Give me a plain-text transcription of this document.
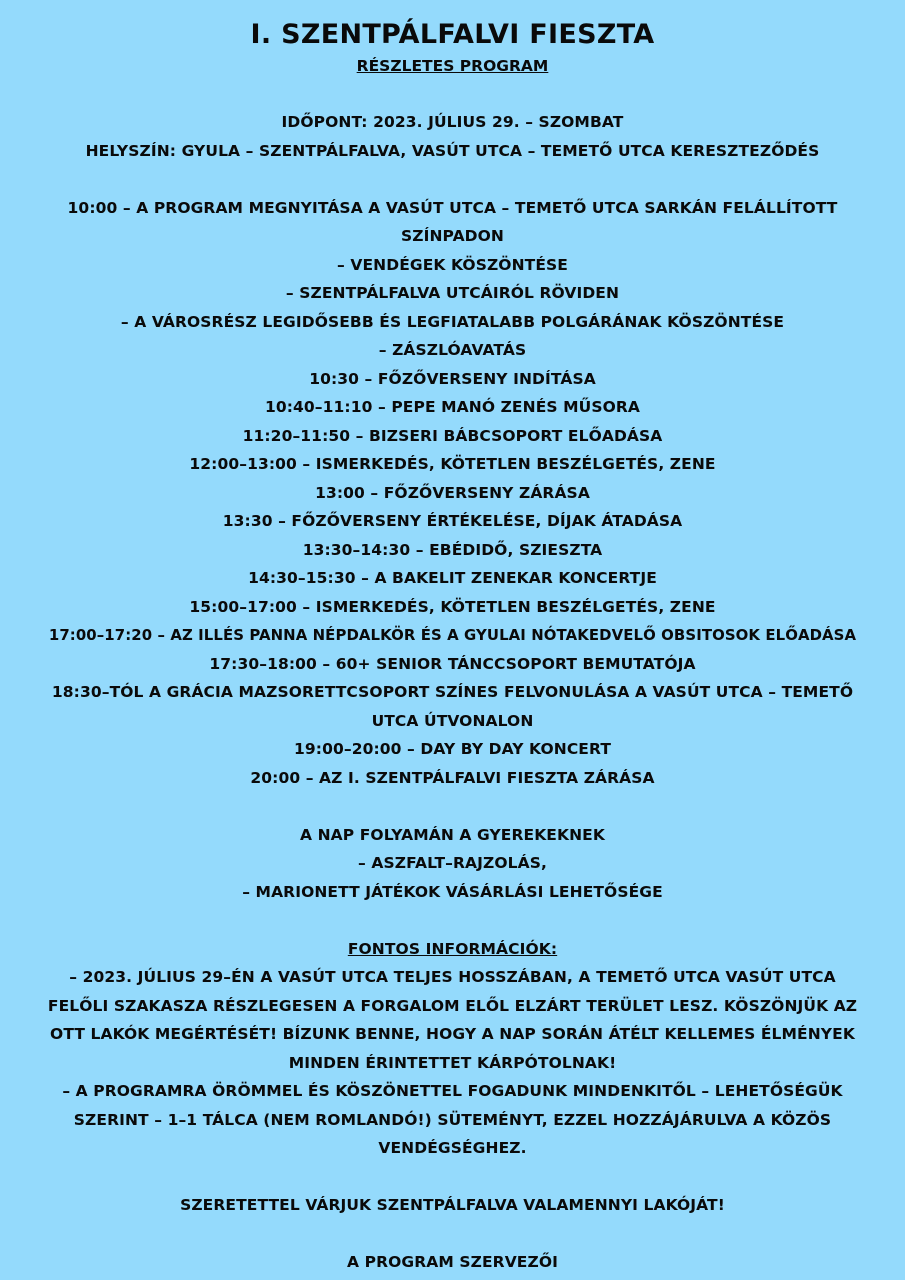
I. SZENTPÁLFALVI FIESZTA
RÉSZLETES PROGRAM
IDŐPONT: 2023. JÚLIUS 29. – SZOMBAT
HELYSZÍN: GYULA – SZENTPÁLFALVA, VASÚT UTCA – TEMETŐ UTCA KERESZTEZŐDÉS
10:00 – A PROGRAM MEGNYITÁSA A VASÚT UTCA – TEMETŐ UTCA SARKÁN FELÁLLÍTOTT
SZÍNPADON
– VENDÉGEK KÖSZÖNTÉSE
– SZENTPÁLFALVA UTCÁIRÓL RÖVIDEN
– A VÁROSRÉSZ LEGIDŐSEBB ÉS LEGFIATALABB POLGÁRÁNAK KÖSZÖNTÉSE
– ZÁSZLÓAVATÁS
10:30 – FŐZŐVERSENY INDÍTÁSA
10:40–11:10 – PEPE MANÓ ZENÉS MŰSORA
11:20–11:50 – BIZSERI BÁBCSOPORT ELŐADÁSA
12:00–13:00 – ISMERKEDÉS, KÖTETLEN BESZÉLGETÉS, ZENE
13:00 – FŐZŐVERSENY ZÁRÁSA
13:30 – FŐZŐVERSENY ÉRTÉKELÉSE, DÍJAK ÁTADÁSA
13:30–14:30 – EBÉDIDŐ, SZIESZTA
14:30–15:30 – A BAKELIT ZENEKAR KONCERTJE
15:00–17:00 – ISMERKEDÉS, KÖTETLEN BESZÉLGETÉS, ZENE
17:00–17:20 – AZ ILLÉS PANNA NÉPDALKÖR ÉS A GYULAI NÓTAKEDVELŐ OBSITOSOK ELŐADÁSA
17:30–18:00 – 60+ SENIOR TÁNCCSOPORT BEMUTATÓJA
18:30–TÓL A GRÁCIA MAZSORETTCSOPORT SZÍNES FELVONULÁSA A VASÚT UTCA – TEMETŐ
UTCA ÚTVONALON
19:00–20:00 – DAY BY DAY KONCERT
20:00 – AZ I. SZENTPÁLFALVI FIESZTA ZÁRÁSA
A NAP FOLYAMÁN A GYEREKEKNEK
– ASZFALT–RAJZOLÁS,
– MARIONETT JÁTÉKOK VÁSÁRLÁSI LEHETŐSÉGE
FONTOS INFORMÁCIÓK:
– 2023. JÚLIUS 29–ÉN A VASÚT UTCA TELJES HOSSZÁBAN, A TEMETŐ UTCA VASÚT UTCA
FELŐLI SZAKASZA RÉSZLEGESEN A FORGALOM ELŐL ELZÁRT TERÜLET LESZ. KÖSZÖNJÜK AZ
OTT LAKÓK MEGÉRTÉSÉT! BÍZUNK BENNE, HOGY A NAP SORÁN ÁTÉLT KELLEMES ÉLMÉNYEK
MINDEN ÉRINTETTET KÁRPÓTOLNAK!
– A PROGRAMRA ÖRÖMMEL ÉS KÖSZÖNETTEL FOGADUNK MINDENKITŐL – LEHETŐSÉGÜK
SZERINT – 1–1 TÁLCA (NEM ROMLANDÓ!) SÜTEMÉNYT, EZZEL HOZZÁJÁRULVA A KÖZÖS
VENDÉGSÉGHEZ.
SZERETETTEL VÁRJUK SZENTPÁLFALVA VALAMENNYI LAKÓJÁT!
A PROGRAM SZERVEZŐI
